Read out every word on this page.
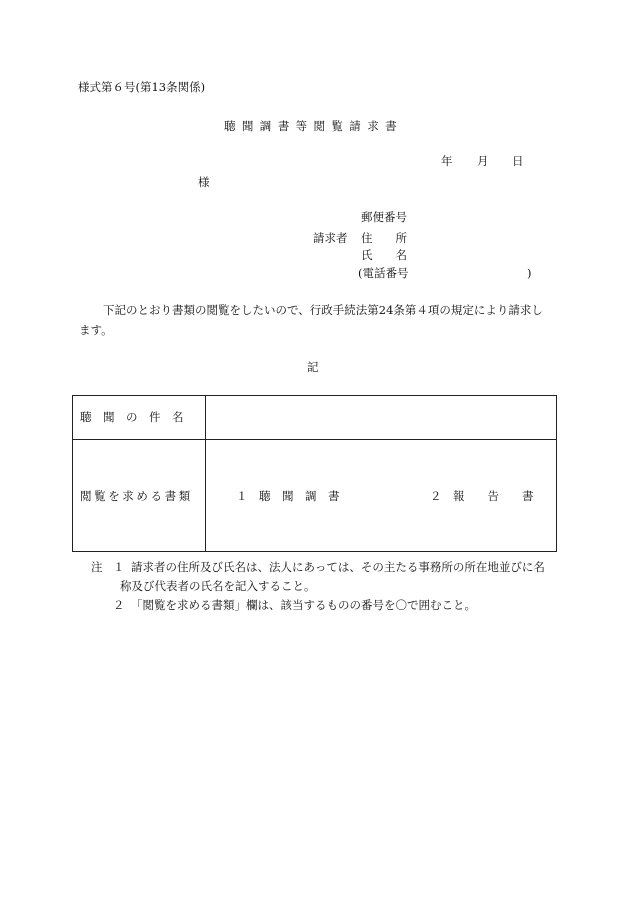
様式第６号(第13条関係)
聴聞調書等閲覧請求書
年 月 日
様
郵便番号
請求者 住　　所
氏　　名
(電話番号	)
下記のとおり書類の閲覧をしたいので、行政手続法第24条第４項の規定により請求し
ます。
記
聴　聞　の　件　名
閲覧を求める書類	１　聴　聞　調　書	２　報　　告　　書
注 １ 請求者の住所及び氏名は、法人にあっては、その主たる事務所の所在地並びに名
称及び代表者の氏名を記入すること。
２ 「閲覧を求める書類」欄は、該当するものの番号を〇で囲むこと。
